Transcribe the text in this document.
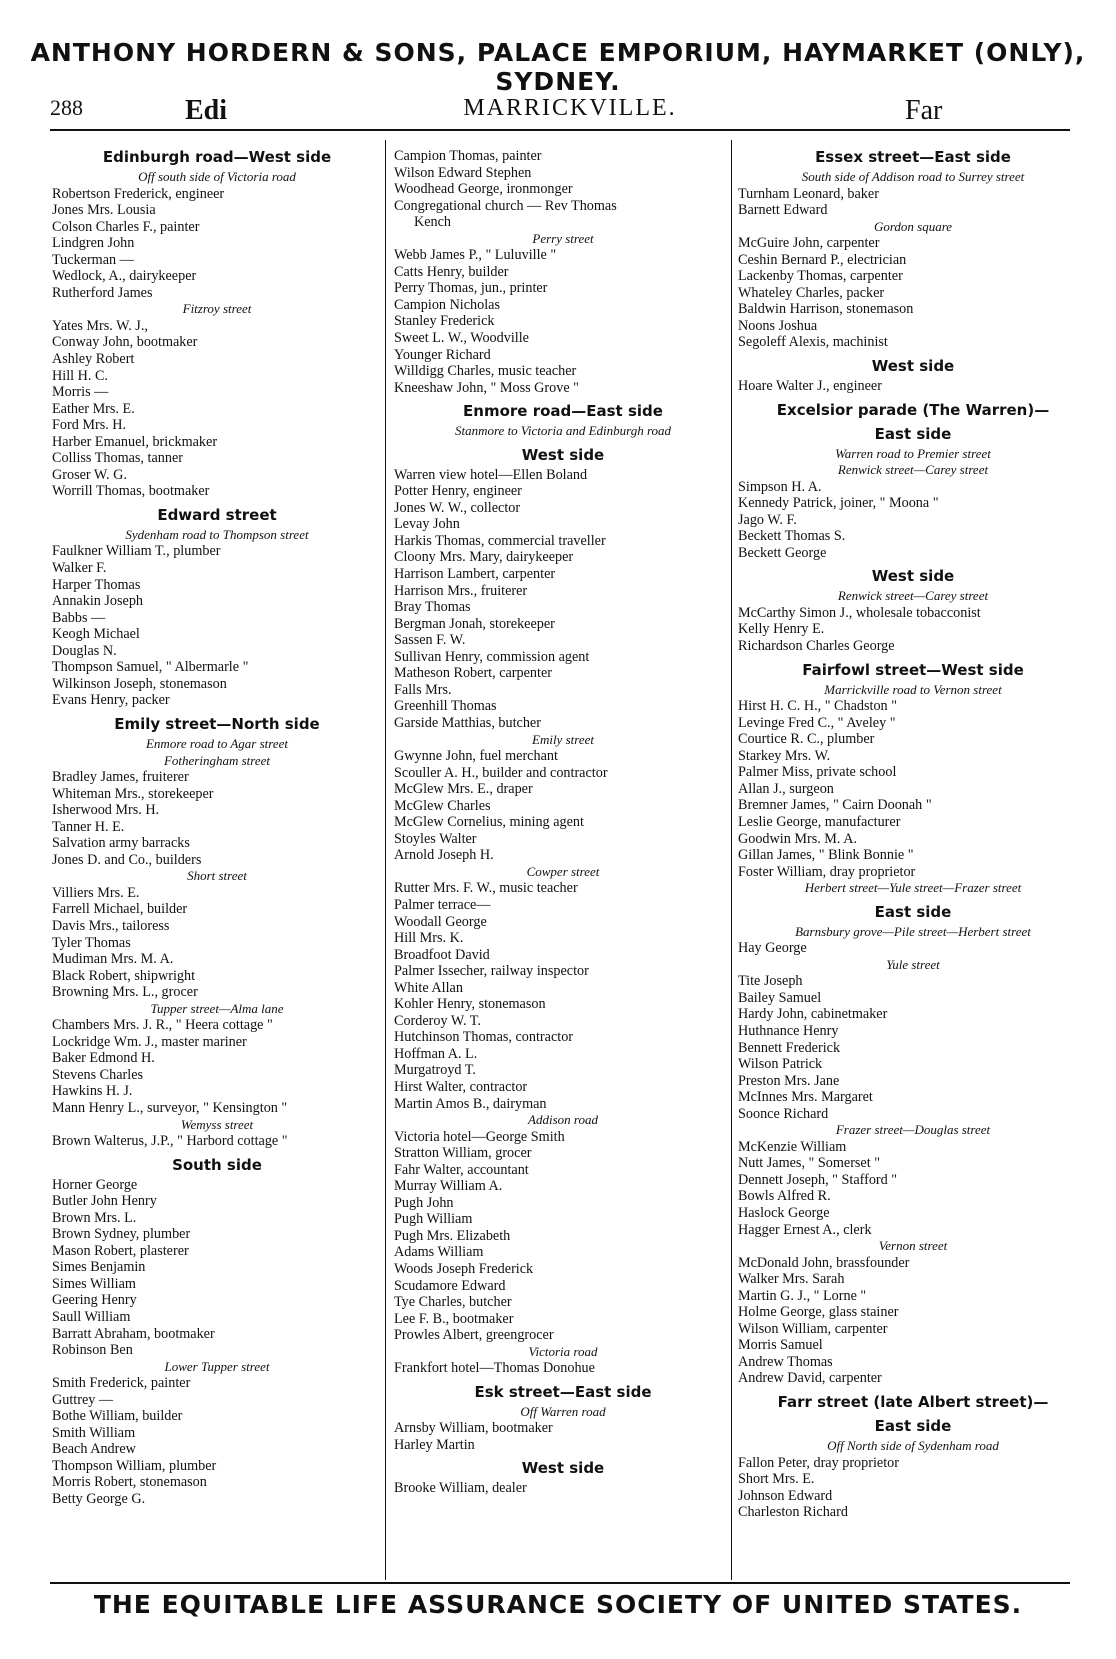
ANTHONY HORDERN & SONS, PALACE EMPORIUM, HAYMARKET (ONLY), SYDNEY.
288	Edi	MARRICKVILLE.	Far
Edinburgh road—West side
Off south side of Victoria road
Robertson Frederick, engineer
Jones Mrs. Lousia
Colson Charles F., painter
Lindgren John
Tuckerman —
Wedlock, A., dairykeeper
Rutherford James
Fitzroy street
Yates Mrs. W. J.,
Conway John, bootmaker
Ashley Robert
Hill H. C.
Morris —
Eather Mrs. E.
Ford Mrs. H.
Harber Emanuel, brickmaker
Colliss Thomas, tanner
Groser W. G.
Worrill Thomas, bootmaker
Edward street
Sydenham road to Thompson street
Faulkner William T., plumber
Walker F.
Harper Thomas
Annakin Joseph
Babbs —
Keogh Michael
Douglas N.
Thompson Samuel, " Albermarle "
Wilkinson Joseph, stonemason
Evans Henry, packer
Emily street—North side
Enmore road to Agar street
Fotheringham street
Bradley James, fruiterer
Whiteman Mrs., storekeeper
Isherwood Mrs. H.
Tanner H. E.
Salvation army barracks
Jones D. and Co., builders
Short street
Villiers Mrs. E.
Farrell Michael, builder
Davis Mrs., tailoress
Tyler Thomas
Mudiman Mrs. M. A.
Black Robert, shipwright
Browning Mrs. L., grocer
Tupper street—Alma lane
Chambers Mrs. J. R., " Heera cottage "
Lockridge Wm. J., master mariner
Baker Edmond H.
Stevens Charles
Hawkins H. J.
Mann Henry L., surveyor, " Kensington "
Wemyss street
Brown Walterus, J.P., " Harbord cottage "
South side
Horner George
Butler John Henry
Brown Mrs. L.
Brown Sydney, plumber
Mason Robert, plasterer
Simes Benjamin
Simes William
Geering Henry
Saull William
Barratt Abraham, bootmaker
Robinson Ben
Lower Tupper street
Smith Frederick, painter
Guttrey —
Bothe William, builder
Smith William
Beach Andrew
Thompson William, plumber
Morris Robert, stonemason
Betty George G.
Campion Thomas, painter
Wilson Edward Stephen
Woodhead George, ironmonger
Congregational church — Rev Thomas
Kench
Perry street
Webb James P., " Luluville "
Catts Henry, builder
Perry Thomas, jun., printer
Campion Nicholas
Stanley Frederick
Sweet L. W., Woodville
Younger Richard
Willdigg Charles, music teacher
Kneeshaw John, " Moss Grove "
Enmore road—East side
Stanmore to Victoria and Edinburgh road
West side
Warren view hotel—Ellen Boland
Potter Henry, engineer
Jones W. W., collector
Levay John
Harkis Thomas, commercial traveller
Cloony Mrs. Mary, dairykeeper
Harrison Lambert, carpenter
Harrison Mrs., fruiterer
Bray Thomas
Bergman Jonah, storekeeper
Sassen F. W.
Sullivan Henry, commission agent
Matheson Robert, carpenter
Falls Mrs.
Greenhill Thomas
Garside Matthias, butcher
Emily street
Gwynne John, fuel merchant
Scouller A. H., builder and contractor
McGlew Mrs. E., draper
McGlew Charles
McGlew Cornelius, mining agent
Stoyles Walter
Arnold Joseph H.
Cowper street
Rutter Mrs. F. W., music teacher
Palmer terrace—
Woodall George
Hill Mrs. K.
Broadfoot David
Palmer Issecher, railway inspector
White Allan
Kohler Henry, stonemason
Corderoy W. T.
Hutchinson Thomas, contractor
Hoffman A. L.
Murgatroyd T.
Hirst Walter, contractor
Martin Amos B., dairyman
Addison road
Victoria hotel—George Smith
Stratton William, grocer
Fahr Walter, accountant
Murray William A.
Pugh John
Pugh William
Pugh Mrs. Elizabeth
Adams William
Woods Joseph Frederick
Scudamore Edward
Tye Charles, butcher
Lee F. B., bootmaker
Prowles Albert, greengrocer
Victoria road
Frankfort hotel—Thomas Donohue
Esk street—East side
Off Warren road
Arnsby William, bootmaker
Harley Martin
West side
Brooke William, dealer
Essex street—East side
South side of Addison road to Surrey street
Turnham Leonard, baker
Barnett Edward
Gordon square
McGuire John, carpenter
Ceshin Bernard P., electrician
Lackenby Thomas, carpenter
Whateley Charles, packer
Baldwin Harrison, stonemason
Noons Joshua
Segoleff Alexis, machinist
West side
Hoare Walter J., engineer
Excelsior parade (The Warren)—
East side
Warren road to Premier street
Renwick street—Carey street
Simpson H. A.
Kennedy Patrick, joiner, " Moona "
Jago W. F.
Beckett Thomas S.
Beckett George
West side
Renwick street—Carey street
McCarthy Simon J., wholesale tobacconist
Kelly Henry E.
Richardson Charles George
Fairfowl street—West side
Marrickville road to Vernon street
Hirst H. C. H., " Chadston "
Levinge Fred C., " Aveley "
Courtice R. C., plumber
Starkey Mrs. W.
Palmer Miss, private school
Allan J., surgeon
Bremner James, " Cairn Doonah "
Leslie George, manufacturer
Goodwin Mrs. M. A.
Gillan James, " Blink Bonnie "
Foster William, dray proprietor
Herbert street—Yule street—Frazer street
East side
Barnsbury grove—Pile street—Herbert street
Hay George
Yule street
Tite Joseph
Bailey Samuel
Hardy John, cabinetmaker
Huthnance Henry
Bennett Frederick
Wilson Patrick
Preston Mrs. Jane
McInnes Mrs. Margaret
Soonce Richard
Frazer street—Douglas street
McKenzie William
Nutt James, " Somerset "
Dennett Joseph, " Stafford "
Bowls Alfred R.
Haslock George
Hagger Ernest A., clerk
Vernon street
McDonald John, brassfounder
Walker Mrs. Sarah
Martin G. J., " Lorne "
Holme George, glass stainer
Wilson William, carpenter
Morris Samuel
Andrew Thomas
Andrew David, carpenter
Farr street (late Albert street)—
East side
Off North side of Sydenham road
Fallon Peter, dray proprietor
Short Mrs. E.
Johnson Edward
Charleston Richard
THE EQUITABLE LIFE ASSURANCE SOCIETY OF UNITED STATES.
